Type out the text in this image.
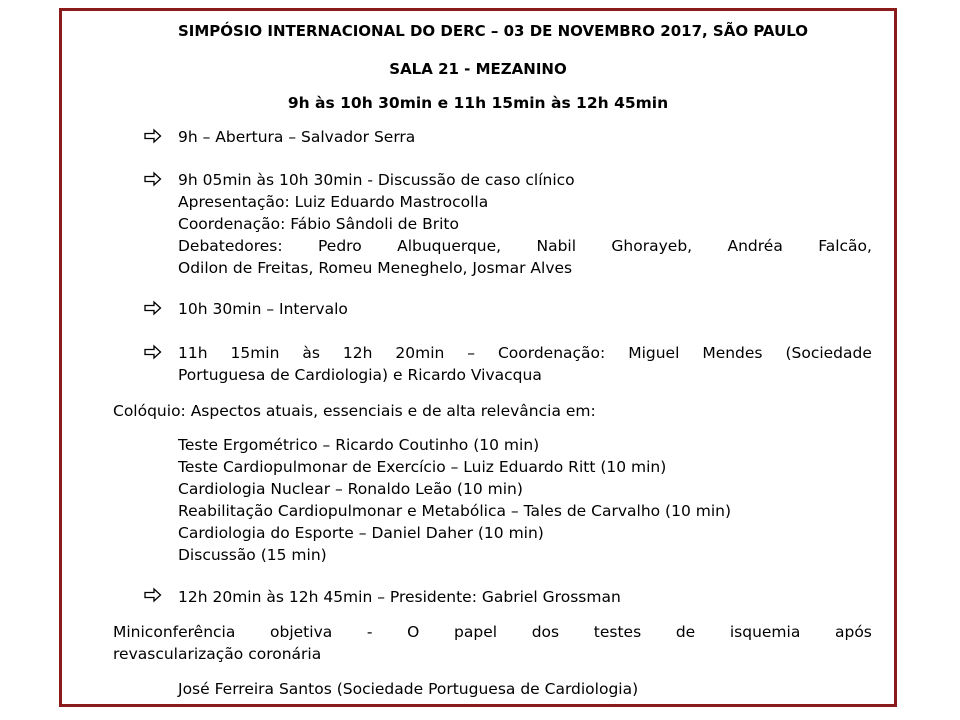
SIMPÓSIO INTERNACIONAL DO DERC – 03 DE NOVEMBRO 2017, SÃO PAULO

SALA 21 - MEZANINO

9h às 10h 30min e 11h 15min às 12h 45min

9h – Abertura – Salvador Serra

9h 05min às 10h 30min - Discussão de caso clínico

Apresentação: Luiz Eduardo Mastrocolla

Coordenação: Fábio Sândoli de Brito

Debatedores: Pedro Albuquerque, Nabil Ghorayeb, Andréa Falcão,

Odilon de Freitas, Romeu Meneghelo, Josmar Alves

10h 30min – Intervalo

11h 15min às 12h 20min – Coordenação: Miguel Mendes (Sociedade

Portuguesa de Cardiologia) e Ricardo Vivacqua

Colóquio: Aspectos atuais, essenciais e de alta relevância em:

Teste Ergométrico – Ricardo Coutinho (10 min)

Teste Cardiopulmonar de Exercício – Luiz Eduardo Ritt (10 min)

Cardiologia Nuclear – Ronaldo Leão (10 min)

Reabilitação Cardiopulmonar e Metabólica – Tales de Carvalho (10 min)

Cardiologia do Esporte – Daniel Daher (10 min)

Discussão (15 min)

12h 20min às 12h 45min – Presidente: Gabriel Grossman

Miniconferência objetiva - O papel dos testes de isquemia após

revascularização coronária

José Ferreira Santos (Sociedade Portuguesa de Cardiologia)
